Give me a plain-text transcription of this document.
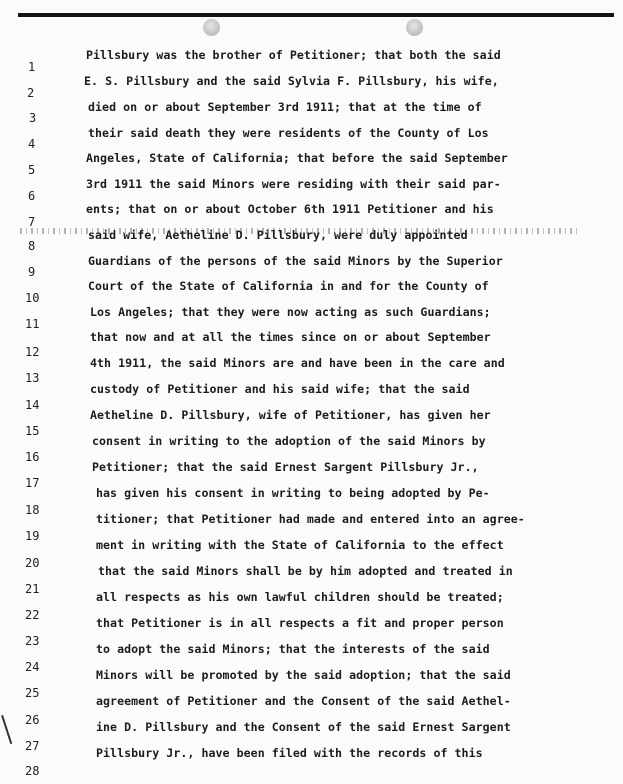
1
Pillsbury was the brother of Petitioner; that both the said
2
E. S. Pillsbury and the said Sylvia F. Pillsbury, his wife,
3
died on or about September 3rd 1911; that at the time of
4
their said death they were residents of the County of Los
5
Angeles, State of California; that before the said September
6
3rd 1911 the said Minors were residing with their said par-
7
ents; that on or about October 6th 1911 Petitioner and his
8
said wife, Aetheline D. Pillsbury, were duly appointed
9
Guardians of the persons of the said Minors by the Superior
10
Court of the State of California in and for the County of
11
Los Angeles; that they were now acting as such Guardians;
12
that now and at all the times since on or about September
13
4th 1911, the said Minors are and have been in the care and
14
custody of Petitioner and his said wife; that the said
15
Aetheline D. Pillsbury, wife of Petitioner, has given her
16
consent in writing to the adoption of the said Minors by
17
Petitioner; that the said Ernest Sargent Pillsbury Jr.,
18
has given his consent in writing to being adopted by Pe-
19
titioner; that Petitioner had made and entered into an agree-
20
ment in writing with the State of California to the effect
21
that the said Minors shall be by him adopted and treated in
22
all respects as his own lawful children should be treated;
23
that Petitioner is in all respects a fit and proper person
24
to adopt the said Minors; that the interests of the said
25
Minors will be promoted by the said adoption; that the said
26
agreement of Petitioner and the Consent of the said Aethel-
27
ine D. Pillsbury and the Consent of the said Ernest Sargent
28
Pillsbury Jr., have been filed with the records of this
